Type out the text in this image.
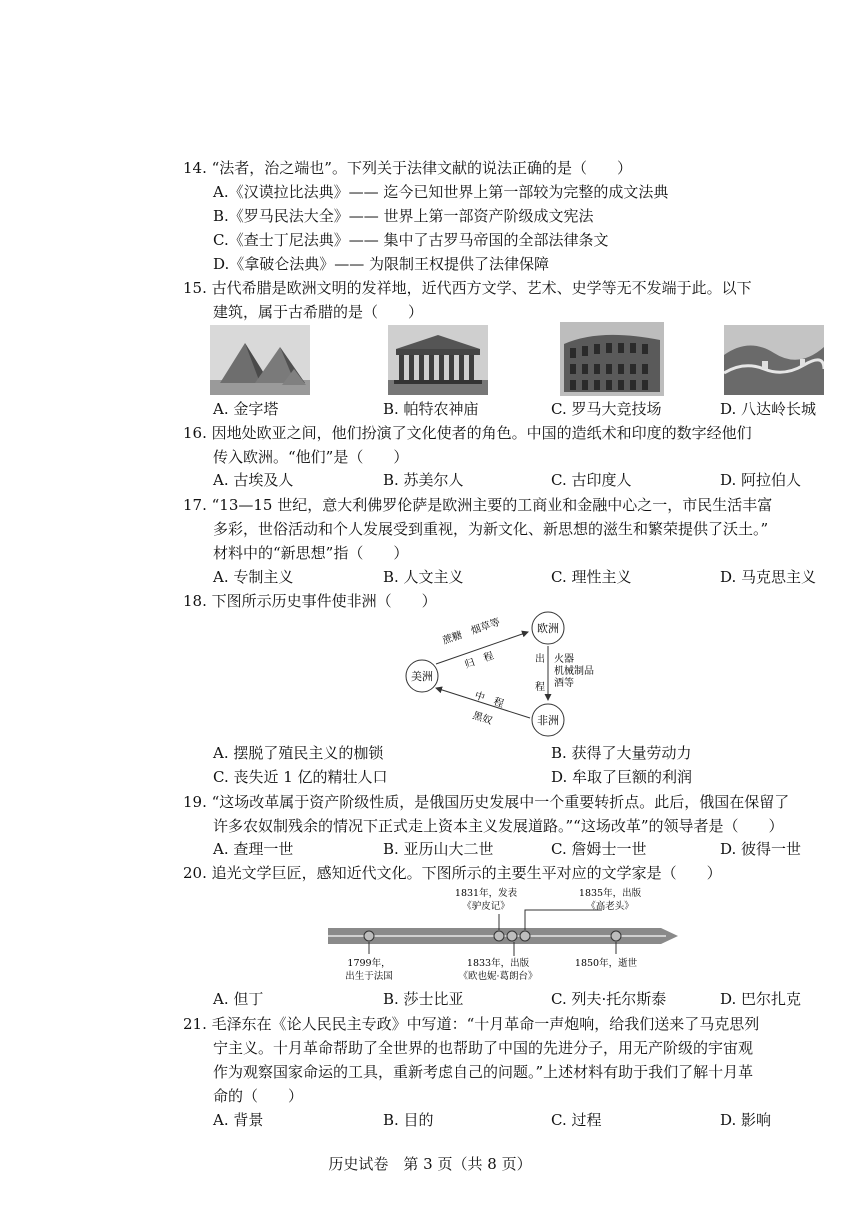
14. “法者，治之端也”。下列关于法律文献的说法正确的是（　　）
A.《汉谟拉比法典》—— 迄今已知世界上第一部较为完整的成文法典
B.《罗马民法大全》—— 世界上第一部资产阶级成文宪法
C.《查士丁尼法典》—— 集中了古罗马帝国的全部法律条文
D.《拿破仑法典》—— 为限制王权提供了法律保障
15. 古代希腊是欧洲文明的发祥地，近代西方文学、艺术、史学等无不发端于此。以下
建筑，属于古希腊的是（　　）
A. 金字塔	B. 帕特农神庙	C. 罗马大竞技场	D. 八达岭长城
16. 因地处欧亚之间，他们扮演了文化使者的角色。中国的造纸术和印度的数字经他们
传入欧洲。“他们”是（　　）
A. 古埃及人	B. 苏美尔人	C. 古印度人	D. 阿拉伯人
17. “13—15 世纪，意大利佛罗伦萨是欧洲主要的工商业和金融中心之一，市民生活丰富
多彩，世俗活动和个人发展受到重视，为新文化、新思想的滋生和繁荣提供了沃土。”
材料中的“新思想”指（　　）
A. 专制主义	B. 人文主义	C. 理性主义	D. 马克思主义
18. 下图所示历史事件使非洲（　　）
欧洲
美洲
非洲
蔗糖　烟草等
归　程	出
程
火器
机械制品
酒等
中　程
黑奴
A. 摆脱了殖民主义的枷锁	B. 获得了大量劳动力
C. 丧失近 1 亿的精壮人口	D. 牟取了巨额的利润
19. “这场改革属于资产阶级性质，是俄国历史发展中一个重要转折点。此后，俄国在保留了
许多农奴制残余的情况下正式走上资本主义发展道路。”“这场改革”的领导者是（　　）
A. 查理一世	B. 亚历山大二世	C. 詹姆士一世	D. 彼得一世
20. 追光文学巨匠，感知近代文化。下图所示的主要生平对应的文学家是（　　）
1831年，发表
《驴皮记》
1835年，出版
《高老头》
1799年，
出生于法国
1833年，出版
《欧也妮·葛朗台》
1850年，逝世
A. 但丁	B. 莎士比亚	C. 列夫·托尔斯泰	D. 巴尔扎克
21. 毛泽东在《论人民民主专政》中写道：“十月革命一声炮响，给我们送来了马克思列
宁主义。十月革命帮助了全世界的也帮助了中国的先进分子，用无产阶级的宇宙观
作为观察国家命运的工具，重新考虑自己的问题。”上述材料有助于我们了解十月革
命的（　　）
A. 背景	B. 目的	C. 过程	D. 影响
历史试卷　第 3 页（共 8 页）
